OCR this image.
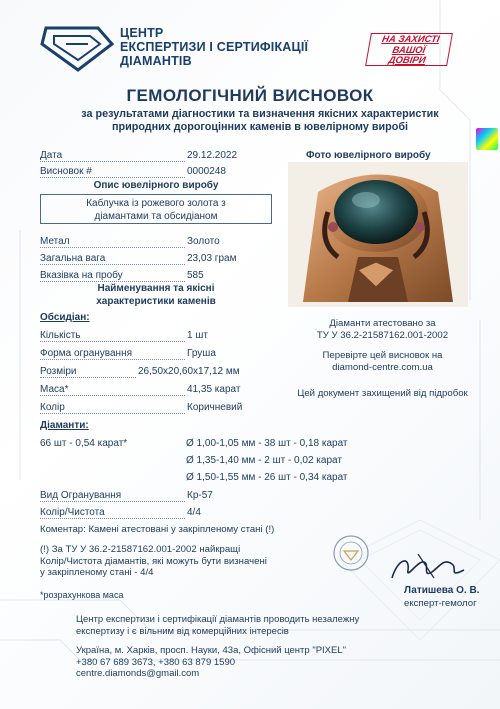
ЦЕНТР
ЕКСПЕРТИЗИ І СЕРТИФІКАЦІЇ
ДІАМАНТІВ
НА ЗАХИСТІ
ВАШОЇ
ДОВІРИ
ГЕМОЛОГІЧНИЙ ВИСНОВОК
за результатами діагностики та визначення якісних характеристик
природних дорогоцінних каменів в ювелірному виробі
Дата	29.12.2022
Висновок #	0000248
Опис ювелірного виробу
Каблучка із рожевого золота з
діамантами та обсидіаном
Метал	Золото
Загальна вага	23,03 грам
Вказівка на пробу	585
Найменування та якісні
характеристики каменів
Обсидіан:
Кількість	1 шт
Форма огранування	Груша
Розміри	26,50х20,60х17,12 мм
Маса*	41,35 карат
Колір	Коричневий
Діаманти:
66 шт - 0,54 карат*	Ø 1,00-1,05 мм - 38 шт - 0,18 карат
Ø 1,35-1,40 мм - 2 шт - 0,02 карат
Ø 1,50-1,55 мм - 26 шт - 0,34 карат
Вид Огранування	Кр-57
Колір/Чистота	4/4
Фото ювелірного виробу
Діаманти атестовано за
ТУ У 36.2-21587162.001-2002
Перевірте цей висновок на
diamond-centre.com.ua
Цей документ захищений від підробок
Коментар: Камені атестовані у закріпленому стані (!)
(!) За ТУ У 36.2-21587162.001-2002 найкращі
Колір/Чистота діамантів, які можуть бути визначені
у закріпленому стані - 4/4
Латишева О. В.
експерт-гемолог
*розрахункова маса
Центр експертизи і сертифікації діамантів проводить незалежну
експертизу і є вільним від комерційних інтересів
Україна, м. Харків, просп. Науки, 43а, Офісний центр "PIXEL"
+380 67 689 3673, +380 63 879 1590
centre.diamonds@gmail.com
